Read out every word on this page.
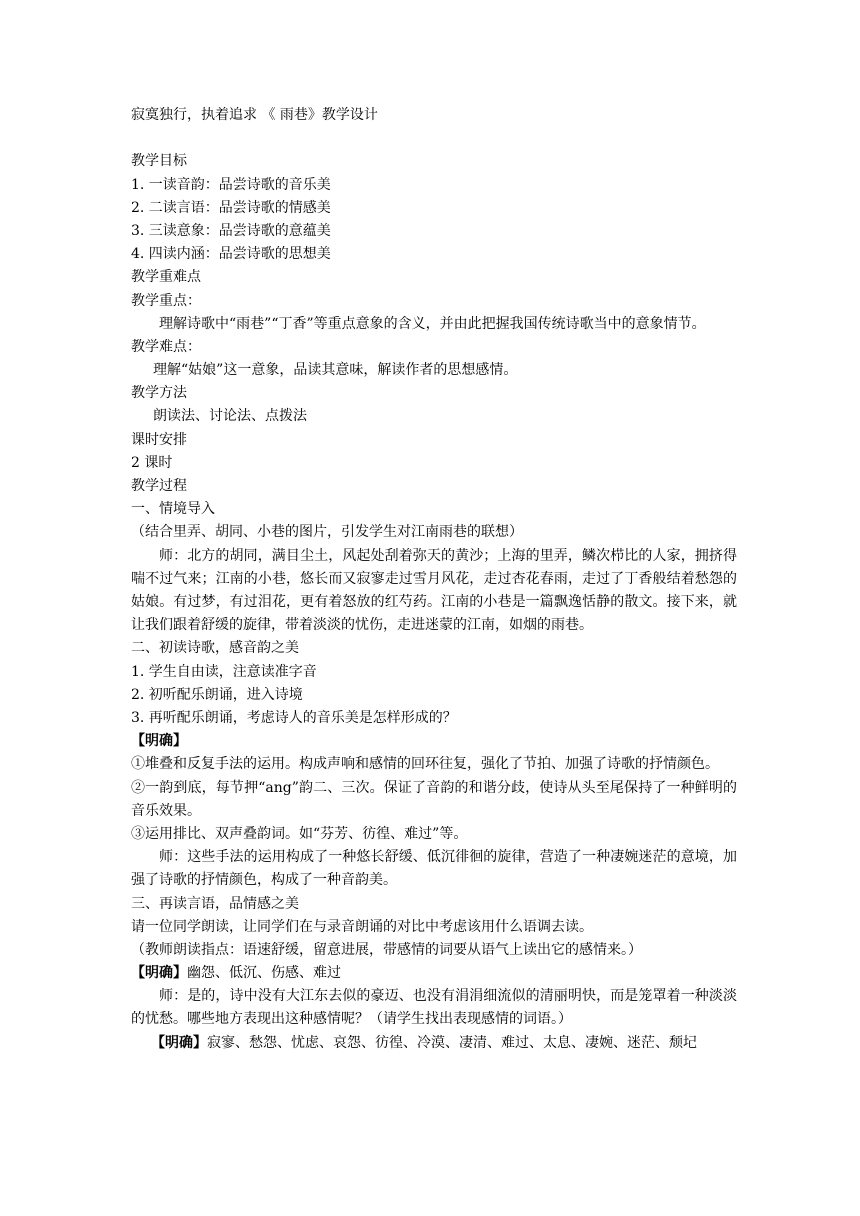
寂寞独行，执着追求 《 雨巷》教学设计
教学目标
1. 一读音韵：品尝诗歌的音乐美
2. 二读言语：品尝诗歌的情感美
3. 三读意象：品尝诗歌的意蕴美
4. 四读内涵：品尝诗歌的思想美
教学重难点
教学重点：
理解诗歌中“雨巷”“丁香”等重点意象的含义，并由此把握我国传统诗歌当中的意象情节。
教学难点：
理解“姑娘”这一意象，品读其意味，解读作者的思想感情。
教学方法
朗读法、讨论法、点拨法
课时安排
2 课时
教学过程
一、情境导入
（结合里弄、胡同、小巷的图片，引发学生对江南雨巷的联想）
师：北方的胡同，满目尘土，风起处刮着弥天的黄沙；上海的里弄，鳞次栉比的人家，拥挤得喘不过气来；江南的小巷，悠长而又寂寥走过雪月风花，走过杏花春雨，走过了丁香般结着愁怨的姑娘。有过梦，有过泪花，更有着怒放的红芍药。江南的小巷是一篇飘逸恬静的散文。接下来，就让我们跟着舒缓的旋律，带着淡淡的忧伤，走进迷蒙的江南，如烟的雨巷。
二、初读诗歌，感音韵之美
1. 学生自由读，注意读准字音
2. 初听配乐朗诵，进入诗境
3. 再听配乐朗诵，考虑诗人的音乐美是怎样形成的？
【明确】
①堆叠和反复手法的运用。构成声响和感情的回环往复，强化了节拍、加强了诗歌的抒情颜色。
②一韵到底，每节押“ang”韵二、三次。保证了音韵的和谐分歧，使诗从头至尾保持了一种鲜明的音乐效果。
③运用排比、双声叠韵词。如“芬芳、彷徨、难过”等。
师：这些手法的运用构成了一种悠长舒缓、低沉徘徊的旋律，营造了一种凄婉迷茫的意境，加强了诗歌的抒情颜色，构成了一种音韵美。
三、再读言语，品情感之美
请一位同学朗读，让同学们在与录音朗诵的对比中考虑该用什么语调去读。
（教师朗读指点：语速舒缓，留意进展，带感情的词要从语气上读出它的感情来。）
【明确】幽怨、低沉、伤感、难过
师：是的，诗中没有大江东去似的豪迈、也没有涓涓细流似的清丽明快，而是笼罩着一种淡淡的忧愁。哪些地方表现出这种感情呢？（请学生找出表现感情的词语。）
【明确】寂寥、愁怨、忧虑、哀怨、彷徨、冷漠、凄清、难过、太息、凄婉、迷茫、颓圮
